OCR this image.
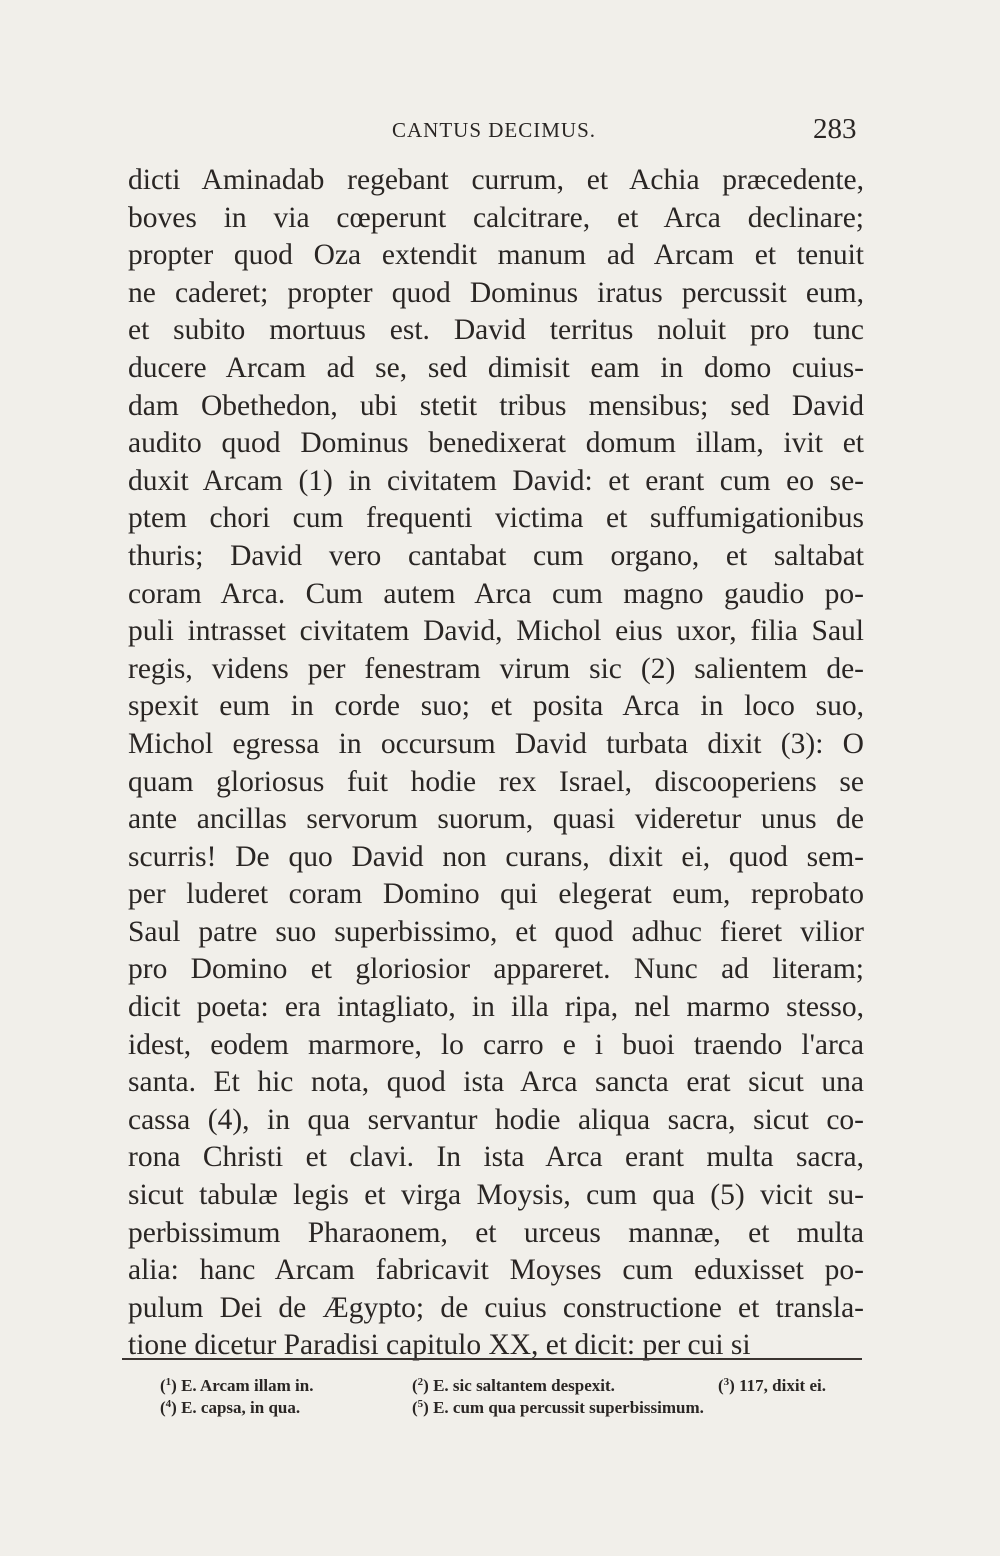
CANTUS DECIMUS.	283
dicti Aminadab regebant currum, et Achia præcedente,
boves in via cœperunt calcitrare, et Arca declinare;
propter quod Oza extendit manum ad Arcam et tenuit
ne caderet; propter quod Dominus iratus percussit eum,
et subito mortuus est. David territus noluit pro tunc
ducere Arcam ad se, sed dimisit eam in domo cuius-
dam Obethedon, ubi stetit tribus mensibus; sed David
audito quod Dominus benedixerat domum illam, ivit et
duxit Arcam (1) in civitatem David: et erant cum eo se-
ptem chori cum frequenti victima et suffumigationibus
thuris; David vero cantabat cum organo, et saltabat
coram Arca. Cum autem Arca cum magno gaudio po-
puli intrasset civitatem David, Michol eius uxor, filia Saul
regis, videns per fenestram virum sic (2) salientem de-
spexit eum in corde suo; et posita Arca in loco suo,
Michol egressa in occursum David turbata dixit (3): O
quam gloriosus fuit hodie rex Israel, discooperiens se
ante ancillas servorum suorum, quasi videretur unus de
scurris! De quo David non curans, dixit ei, quod sem-
per luderet coram Domino qui elegerat eum, reprobato
Saul patre suo superbissimo, et quod adhuc fieret vilior
pro Domino et gloriosior appareret. Nunc ad literam;
dicit poeta: era intagliato, in illa ripa, nel marmo stesso,
idest, eodem marmore, lo carro e i buoi traendo l'arca
santa. Et hic nota, quod ista Arca sancta erat sicut una
cassa (4), in qua servantur hodie aliqua sacra, sicut co-
rona Christi et clavi. In ista Arca erant multa sacra,
sicut tabulæ legis et virga Moysis, cum qua (5) vicit su-
perbissimum Pharaonem, et urceus mannæ, et multa
alia: hanc Arcam fabricavit Moyses cum eduxisset po-
pulum Dei de Ægypto; de cuius constructione et transla-
tione dicetur Paradisi capitulo XX, et dicit: per cui si
($^1$) E. Arcam illam in.	($^2$) E. sic saltantem despexit.	($^3$) 117, dixit ei.
($^4$) E. capsa, in qua.	($^5$) E. cum qua percussit superbissimum.
